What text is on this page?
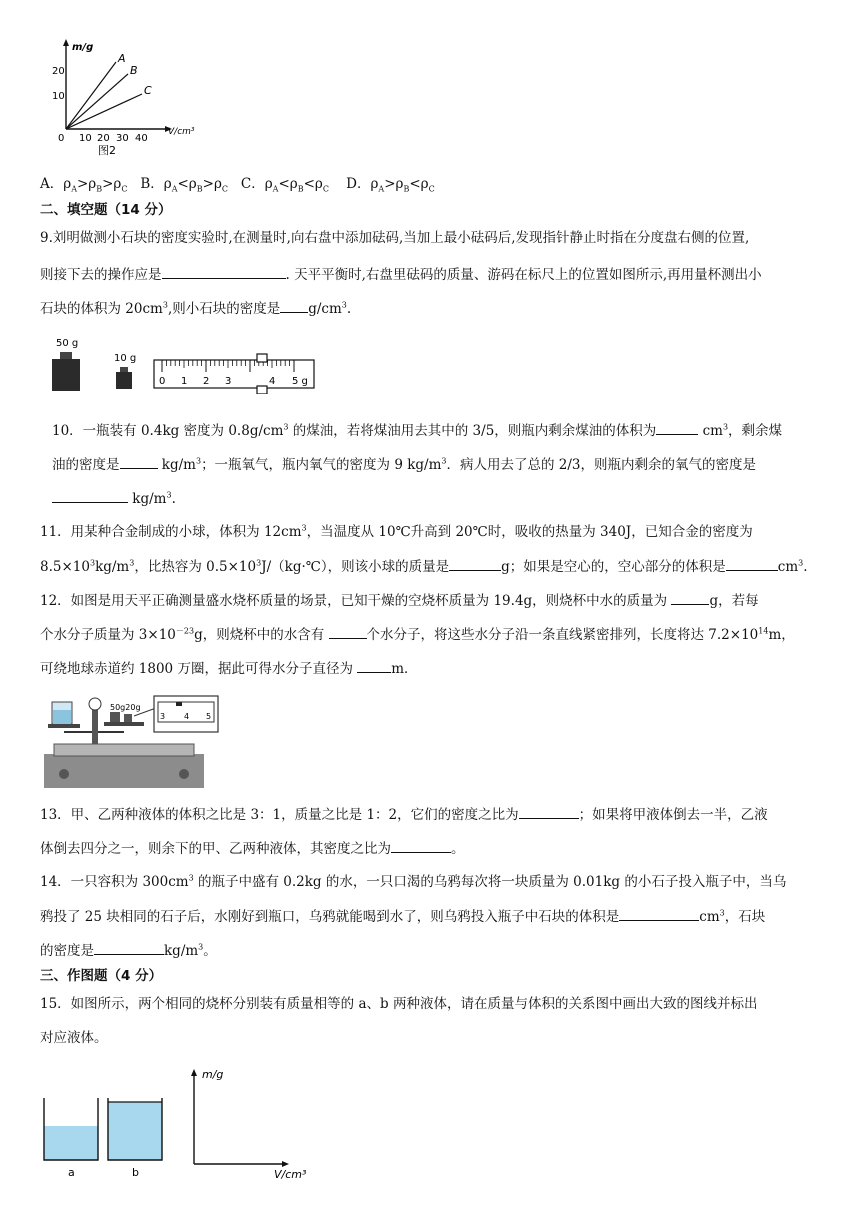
m/g
V/cm³
20
10
0 10 20 30 40
A
B
C
图2
A．$\rho_A>\rho_B>\rho_C$ B．$\rho_A<\rho_B>\rho_C$ C．$\rho_A<\rho_B<\rho_C$ D．$\rho_A>\rho_B<\rho_C$
二、填空题（14 分）
9.刘明做测小石块的密度实验时,在测量时,向右盘中添加砝码,当加上最小砝码后,发现指针静止时指在分度盘右侧的位置,
则接下去的操作应是	. 天平平衡时,右盘里砝码的质量、游码在标尺上的位置如图所示,再用量杯测出小
石块的体积为 $20cm^3$,则小石块的密度是 $g/cm^3$.
50 g
10 g
0 1 2 3	4 5 g
10．一瓶装有 0.4kg 密度为 $0.8g/cm^3$ 的煤油，若将煤油用去其中的 3/5，则瓶内剩余煤油的体积为	$cm^3$，剩余煤
油的密度是	$kg/m^3$；一瓶氧气，瓶内氧气的密度为 9 $kg/m^3$．病人用去了总的 2/3，则瓶内剩余的氧气的密度是
$kg/m^3$.
11．用某种合金制成的小球，体积为 $12cm^3$，当温度从 10℃升高到 20℃时，吸收的热量为 340J，已知合金的密度为
$8.5\times 10^3kg/m^3$，比热容为 $0.5\times 10^3J/(kg\cdot℃)$，则该小球的质量是	g；如果是空心的，空心部分的体积是	$cm^3$.
12．如图是用天平正确测量盛水烧杯质量的场景，已知干燥的空烧杯质量为 19.4g，则烧杯中水的质量为	g，若每
个水分子质量为 $3\times 10^{-23}g$，则烧杯中的水含有	个水分子，将这些水分子沿一条直线紧密排列，长度将达 $7.2\times 10^{14}m$，
可绕地球赤道约 1800 万圈，据此可得水分子直径为	m．
50g20g
3 4 5
13．甲、乙两种液体的体积之比是 3：1，质量之比是 1：2，它们的密度之比为	；如果将甲液体倒去一半，乙液
体倒去四分之一，则余下的甲、乙两种液体，其密度之比为	。
14．一只容积为 $300cm^3$ 的瓶子中盛有 0.2kg 的水，一只口渴的乌鸦每次将一块质量为 0.01kg 的小石子投入瓶子中，当乌
鸦投了 25 块相同的石子后，水刚好到瓶口，乌鸦就能喝到水了，则乌鸦投入瓶子中石块的体积是	$cm^3$，石块
的密度是	$kg/m^3$。
三、作图题（4 分）
15．如图所示，两个相同的烧杯分别装有质量相等的 a、b 两种液体，请在质量与体积的关系图中画出大致的图线并标出
对应液体。
a	b
m/g
V/cm³
